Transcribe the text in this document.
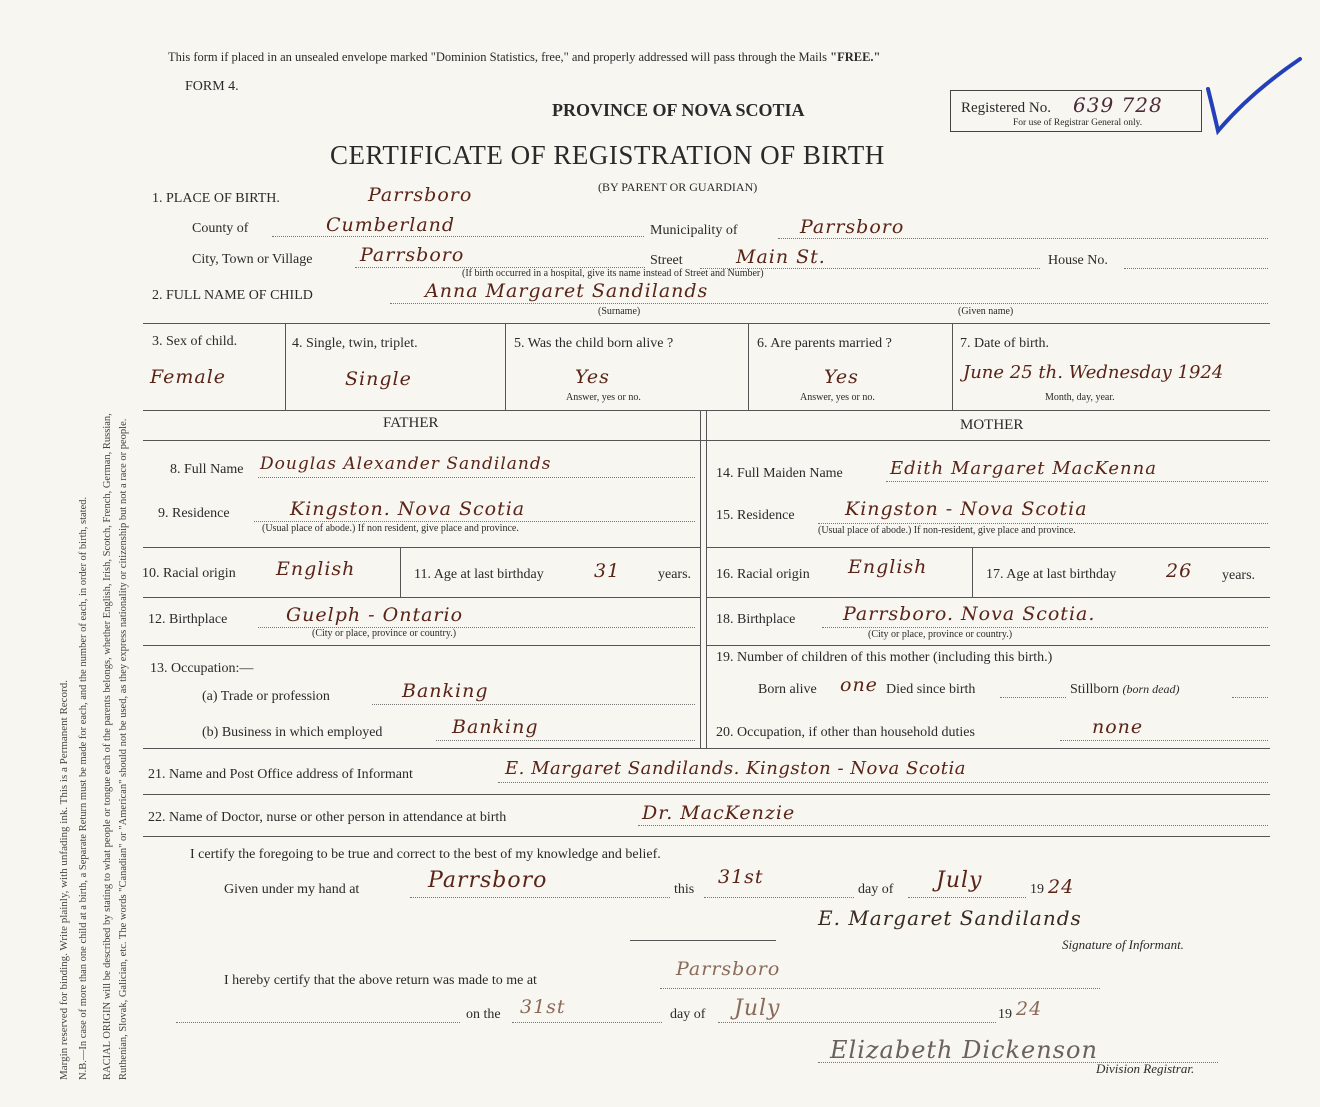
Margin reserved for binding. Write plainly, with unfading ink. This is a Permanent Record. N.B.—In case of more than one child at a birth, a Separate Return must be made for each, and the number of each, in order of birth, stated. RACIAL ORIGIN will be described by stating to what people or tongue each of the parents belongs, whether English, Irish, Scotch, French, German, Russian, Ruthenian, Slovak, Galician, etc. The words "Canadian" or "American" should not be used, as they express nationality or citizenship but not a race or people.
This form if placed in an unsealed envelope marked "Dominion Statistics, free," and properly addressed will pass through the Mails "FREE."
FORM 4.
PROVINCE OF NOVA SCOTIA	Registered No. 639 728
For use of Registrar General only.
CERTIFICATE OF REGISTRATION OF BIRTH
(BY PARENT OR GUARDIAN)
1. PLACE OF BIRTH.	Parrsboro
County of	Cumberland	Municipality of	Parrsboro
City, Town or Village	Parrsboro	Street	Main St.	House No.
(If birth occurred in a hospital, give its name instead of Street and Number)
2. FULL NAME OF CHILD	Anna Margaret Sandilands
(Surname)	(Given name)
3. Sex of child.
Female
4. Single, twin, triplet.
Single
5. Was the child born alive ?
Yes
Answer, yes or no.
6. Are parents married ?
Yes
Answer, yes or no.
7. Date of birth.
June 25 th. Wednesday 1924
Month, day, year.
FATHER	MOTHER
8. Full Name Douglas Alexander Sandilands
9. Residence	Kingston. Nova Scotia
(Usual place of abode.) If non resident, give place and province.
10. Racial origin English	11. Age at last birthday	31	years.
12. Birthplace	Guelph - Ontario
(City or place, province or country.)
13. Occupation:—
(a) Trade or profession	Banking
(b) Business in which employed	Banking
14. Full Maiden Name	Edith Margaret MacKenna
15. Residence	Kingston - Nova Scotia
(Usual place of abode.) If non-resident, give place and province.
16. Racial origin English	17. Age at last birthday	26 years.
18. Birthplace	Parrsboro. Nova Scotia.
(City or place, province or country.)
19. Number of children of this mother (including this birth.)
Born alive one Died since birth	Stillborn (born dead)
20. Occupation, if other than household duties	none
21. Name and Post Office address of Informant	E. Margaret Sandilands. Kingston - Nova Scotia
22. Name of Doctor, nurse or other person in attendance at birth	Dr. MacKenzie
I certify the foregoing to be true and correct to the best of my knowledge and belief.
Given under my hand at	Parrsboro	this
31st
day of July	19 24
E. Margaret Sandilands
Signature of Informant.
I hereby certify that the above return was made to me at
Parrsboro
on the 31st	day of July	19 24
Elizabeth Dickenson
Division Registrar.
